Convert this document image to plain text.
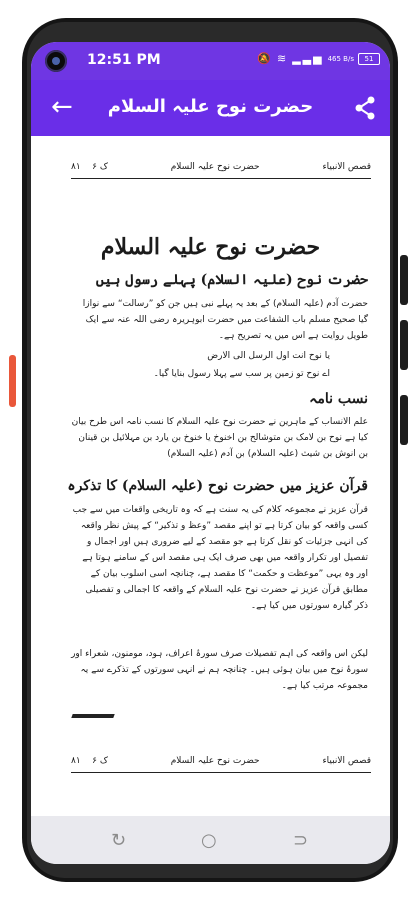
12:51 PM	🔕 ≋ ▂▃▅ 465 B/s	51
←	حضرت نوح علیہ السلام
قصص الانبیاء
حضرت نوح علیہ السلام
ک ۶    ۸۱
حضرت نوح علیہ السلام
حضرت نوح (علیہ السلام) پہلے رسول ہیں
حضرت آدم (علیہ السلام) کے بعد یہ پہلے نبی ہیں جن کو ”رسالت“ سے نوازا گیا صحیح مسلم باب الشفاعت میں حضرت ابوہریرہ رضی اللہ عنہ سے ایک طویل روایت ہے اس میں یہ تصریح ہے۔
یا نوح انت اول الرسل الی الارض
اے نوح تو زمین پر سب سے پہلا رسول بنایا گیا۔
نسب نامہ
علم الانساب کے ماہرین نے حضرت نوح علیہ السلام کا نسب نامہ اس طرح بیان کیا ہے نوح بن لامک بن متوشالح بن اخنوخ یا خنوخ بن یارد بن مہلائیل بن قینان بن انوش بن شیث (علیہ السلام) بن آدم (علیہ السلام)
قرآن عزیز میں حضرت نوح (علیہ السلام) کا تذکرہ
قرآن عزیز نے مجموعہ کلام کی یہ سنت ہے کہ وہ تاریخی واقعات میں سے جب کسی واقعہ کو بیان کرتا ہے تو اپنے مقصد ”وعظ و تذکیر“ کے پیش نظر واقعہ کی انہی جزئیات کو نقل کرتا ہے جو مقصد کے لیے ضروری ہیں اور اجمال و تفصیل اور تکرار واقعہ میں بھی صرف ایک ہی مقصد اس کے سامنے ہوتا ہے اور وہ یہی ”موعظت و حکمت“ کا مقصد ہے، چنانچہ اسی اسلوب بیان کے مطابق قرآن عزیز نے حضرت نوح علیہ السلام کے واقعہ کا اجمالی و تفصیلی ذکر گیارہ سورتوں میں کیا ہے۔
لیکن اس واقعہ کی اہم تفصیلات صرف سورۂ اعراف، ہود، مومنون، شعراء اور سورۂ نوح میں بیان ہوئی ہیں۔ چنانچہ ہم نے انہی سورتوں کے تذکرے سے یہ مجموعہ مرتب کیا ہے۔
قصص الانبیاء
حضرت نوح علیہ السلام
ک ۶    ۸۱
↻	○	⊃
